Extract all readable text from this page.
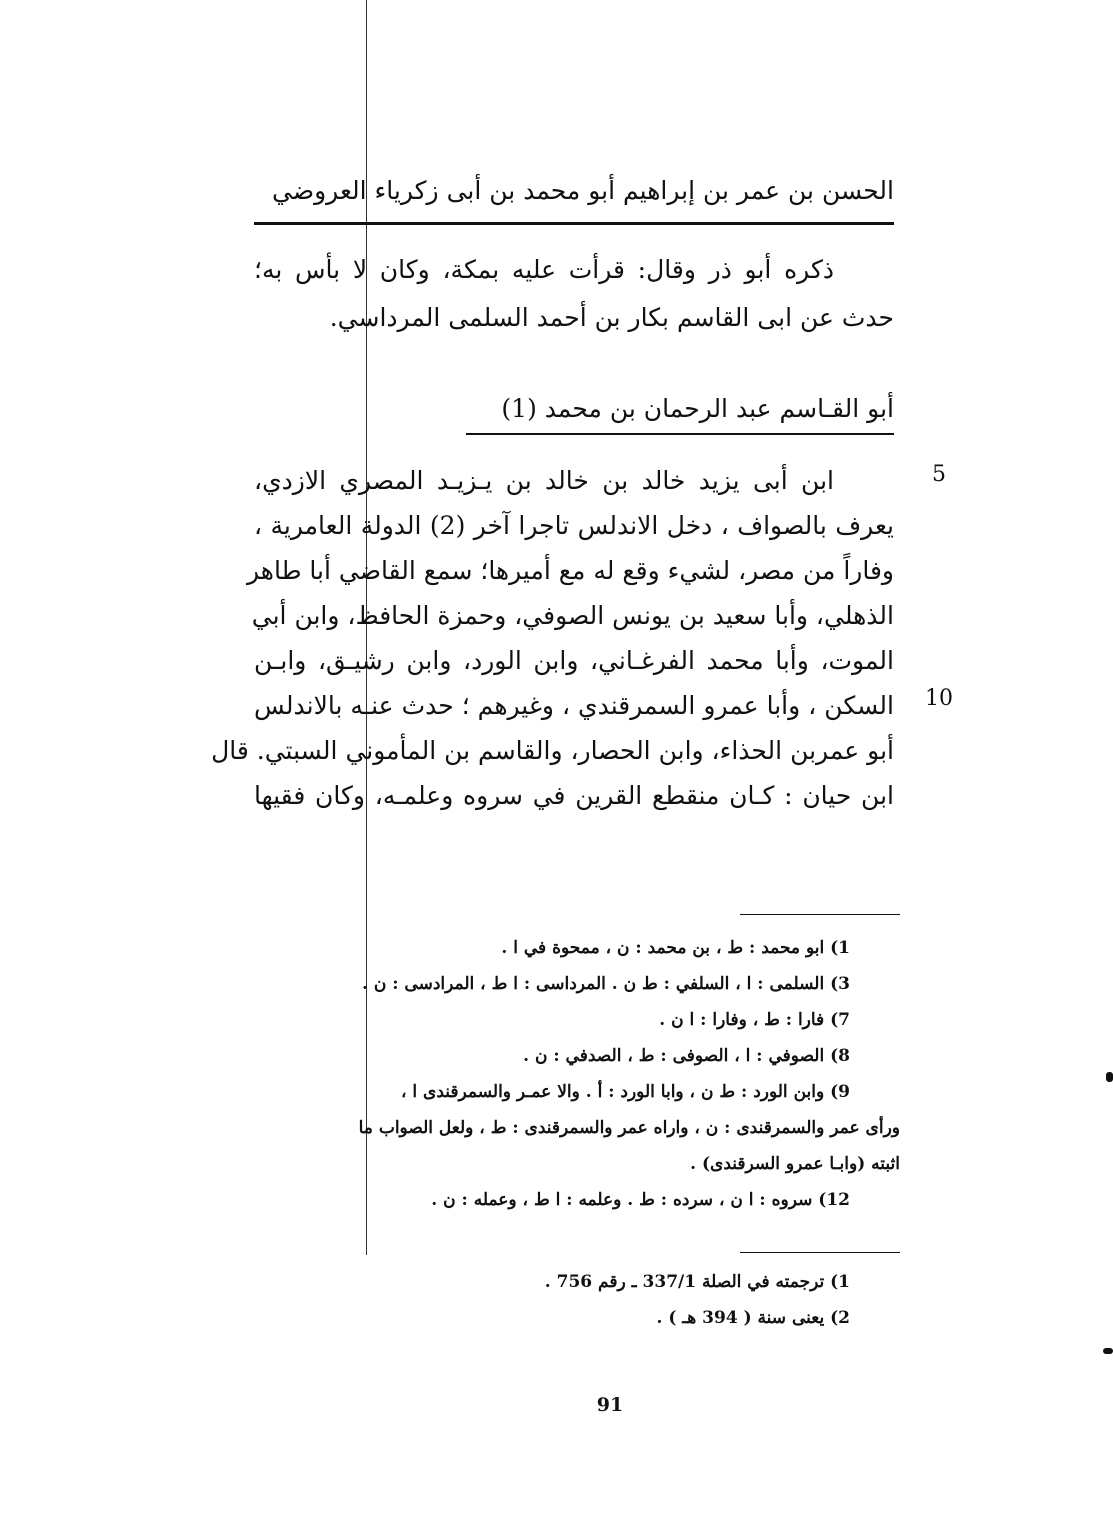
الحسن بن عمر بن إبراهيم أبو محمد بن أبى زكرياء العروضي
ذكره أبو ذر وقال: قرأت عليه بمكة، وكان لا بأس به؛
حدث عن ابى القاسم بكار بن أحمد السلمى المرداسي.
أبو القـاسم عبد الرحمان بن محمد (1)
5
10
ابن أبى يزيد خالد بن خالد بن يـزيـد المصري الازدي،
يعرف بالصواف ، دخل الاندلس تاجرا آخر (2) الدولة العامرية ،
وفاراً من مصر، لشيء وقع له مع أميرها؛ سمع القاضي أبا طاهر
الذهلي، وأبا سعيد بن يونس الصوفي، وحمزة الحافظ، وابن أبي
الموت، وأبا محمد الفرغـاني، وابن الورد، وابن رشيـق، وابـن
السكن ، وأبا عمرو السمرقندي ، وغيرهم ؛ حدث عنـه بالاندلس
أبو عمربن الحذاء، وابن الحصار، والقاسم بن المأموني السبتي. قال
ابن حيان : كـان منقطع القرين في سروه وعلمـه، وكان فقيها
1) ابو محمد : ط ، بن محمد : ن ، ممحوة في ا .
3) السلمى : ا ، السلفي : ط ن . المرداسى : ا ط ، المرادسى : ن .
7) فارا : ط ، وفارا : ا ن .
8) الصوفي : ا ، الصوفى : ط ، الصدفي : ن .
9) وابن الورد : ط ن ، وابا الورد : أ . والا عمـر والسمرقندى ا ،
ورأى عمر والسمرقندى : ن ، واراه عمر والسمرقندى : ط ، ولعل الصواب ما
اثبته (وابـا عمرو السرقندى) .
12) سروه : ا ن ، سرده : ط . وعلمه : ا ط ، وعمله : ن .
1) ترجمته في الصلة 337/1 ـ رقم 756 .
2) يعنى سنة ( 394 هـ ) .
91
